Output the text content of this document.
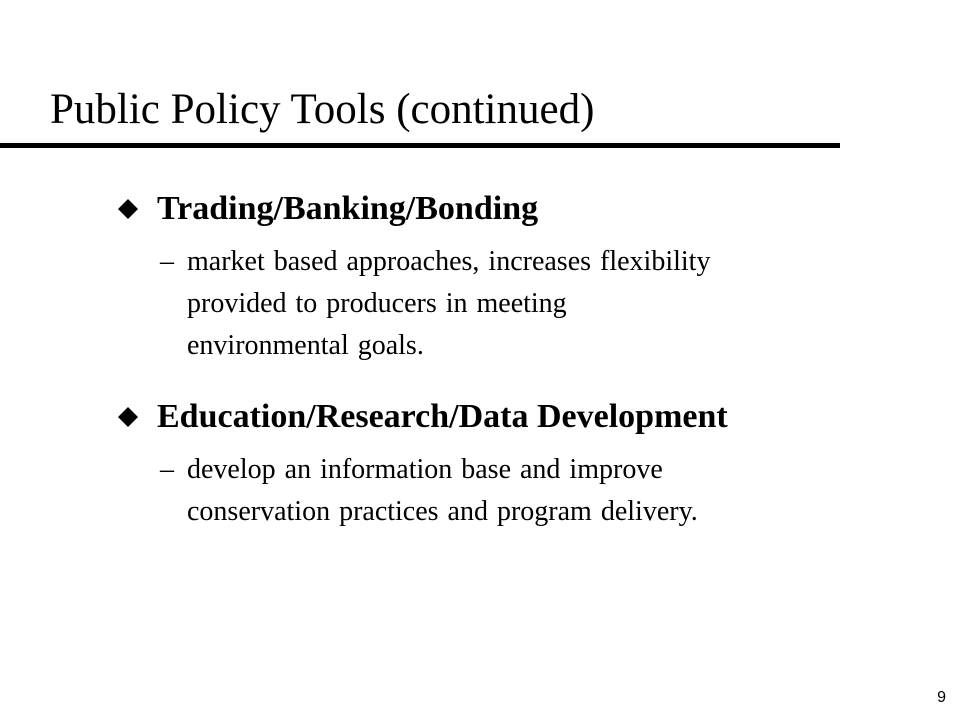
Public Policy Tools (continued)
Trading/Banking/Bonding
– market based approaches, increases flexibility
provided to producers in meeting
environmental goals.
Education/Research/Data Development
– develop an information base and improve
conservation practices and program delivery.
9
